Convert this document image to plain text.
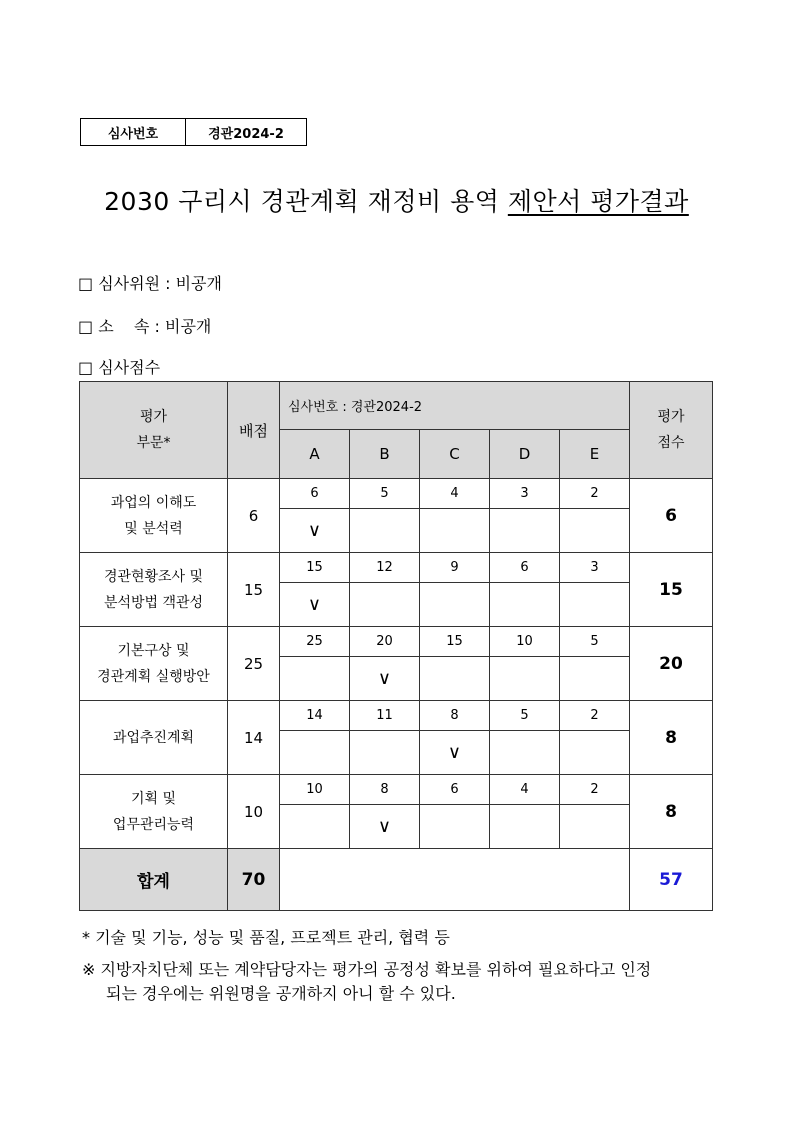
심사번호	경관2024-2
2030 구리시 경관계획 재정비 용역 제안서 평가결과
□ 심사위원 : 비공개
□ 소    속 : 비공개
□ 심사점수
평가
부문*	배점	심사번호 : 경관2024-2					평가
점수
		A	B	C	D	E	
과업의 이해도
및 분석력	6	6	5	4	3	2	6
		∨					
경관현황조사 및
분석방법 객관성	15	15	12	9	6	3	15
		∨					
기본구상 및
경관계획 실행방안	25	25	20	15	10	5	20
			∨				
과업추진계획	14	14	11	8	5	2	8
				∨			
기획 및
업무관리능력	10	10	8	6	4	2	8
			∨				
합계	70						57
* 기술 및 기능, 성능 및 품질, 프로젝트 관리, 협력 등
※ 지방자치단체 또는 계약담당자는 평가의 공정성 확보를 위하여 필요하다고 인정
되는 경우에는 위원명을 공개하지 아니 할 수 있다.
